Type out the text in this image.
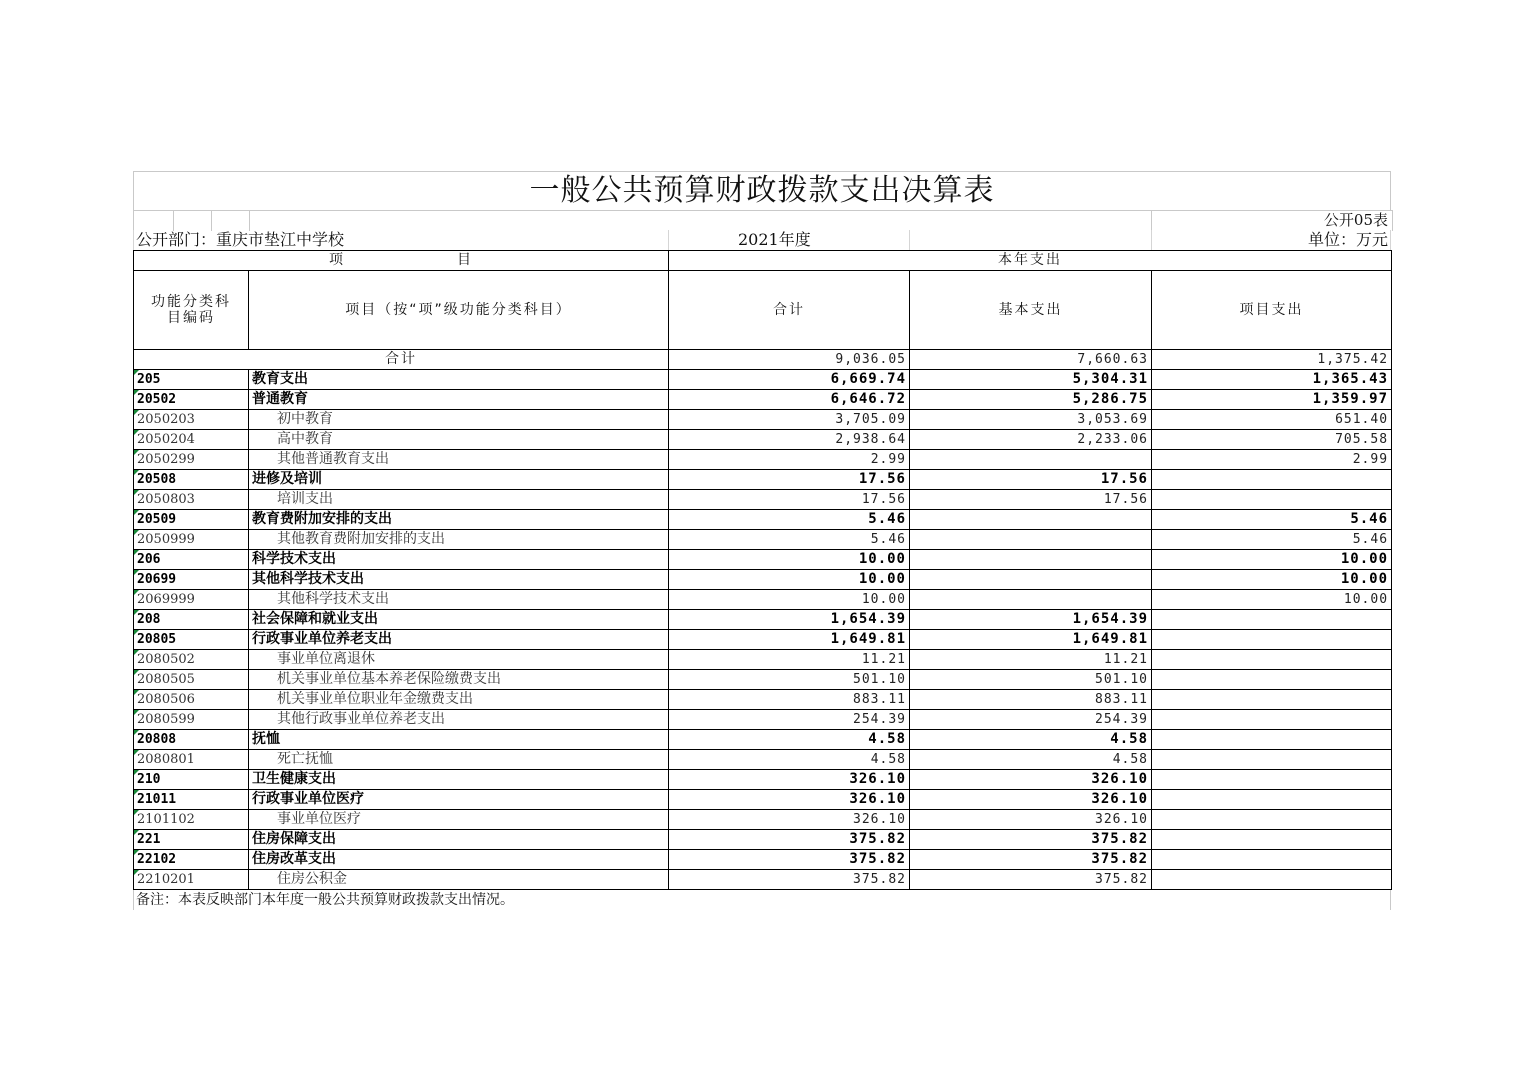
一般公共预算财政拨款支出决算表
公开05表
公开部门：重庆市垫江中学校	2021年度	单位：万元
项　　　　　　　目		本年支出		
功能分类科目编码	项目（按“项”级功能分类科目）	合计	基本支出	项目支出
合计		9,036.05	7,660.63	1,375.42
205	教育支出	6,669.74	5,304.31	1,365.43
20502	普通教育	6,646.72	5,286.75	1,359.97
2050203	初中教育	3,705.09	3,053.69	651.40
2050204	高中教育	2,938.64	2,233.06	705.58
2050299	其他普通教育支出	2.99		2.99
20508	进修及培训	17.56	17.56	
2050803	培训支出	17.56	17.56	
20509	教育费附加安排的支出	5.46		5.46
2050999	其他教育费附加安排的支出	5.46		5.46
206	科学技术支出	10.00		10.00
20699	其他科学技术支出	10.00		10.00
2069999	其他科学技术支出	10.00		10.00
208	社会保障和就业支出	1,654.39	1,654.39	
20805	行政事业单位养老支出	1,649.81	1,649.81	
2080502	事业单位离退休	11.21	11.21	
2080505	机关事业单位基本养老保险缴费支出	501.10	501.10	
2080506	机关事业单位职业年金缴费支出	883.11	883.11	
2080599	其他行政事业单位养老支出	254.39	254.39	
20808	抚恤	4.58	4.58	
2080801	死亡抚恤	4.58	4.58	
210	卫生健康支出	326.10	326.10	
21011	行政事业单位医疗	326.10	326.10	
2101102	事业单位医疗	326.10	326.10	
221	住房保障支出	375.82	375.82	
22102	住房改革支出	375.82	375.82	
2210201	住房公积金	375.82	375.82	
备注：本表反映部门本年度一般公共预算财政拨款支出情况。
